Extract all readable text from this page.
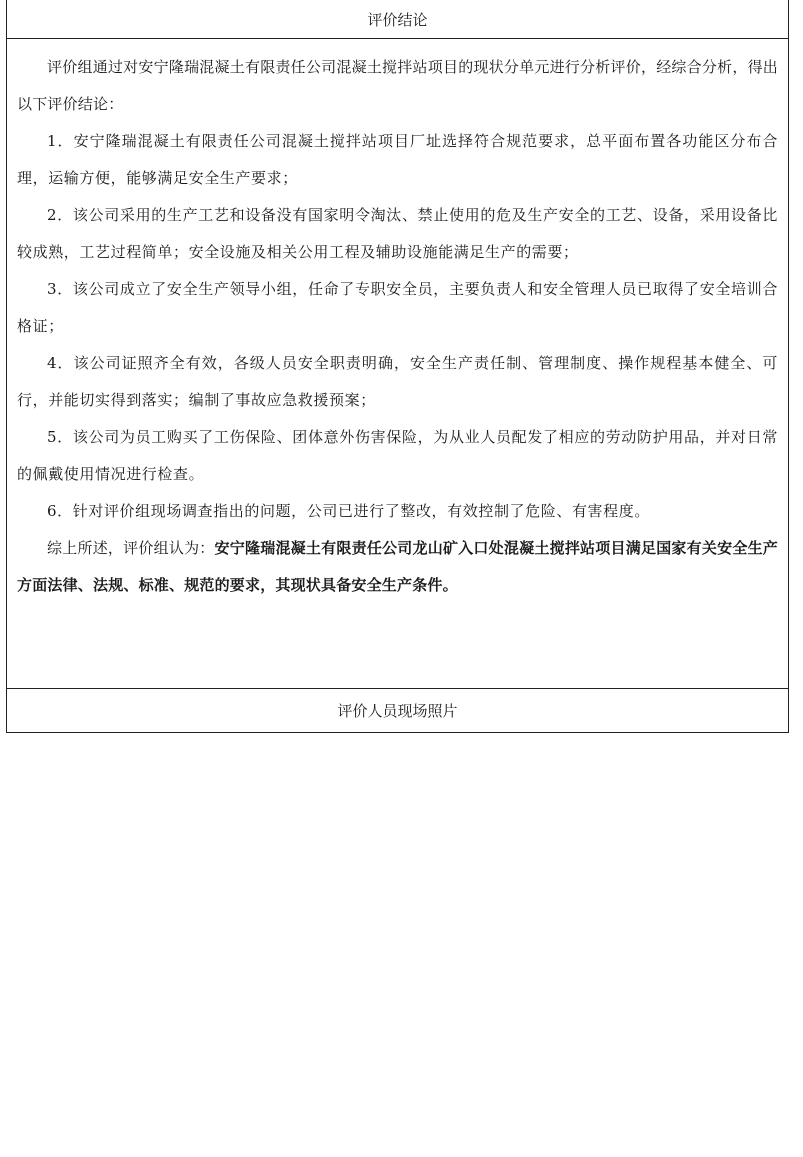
评价结论

评价组通过对安宁隆瑞混凝土有限责任公司混凝土搅拌站项目的现状分单元进行分析评价，经综合分析，得出以下评价结论：

1．安宁隆瑞混凝土有限责任公司混凝土搅拌站项目厂址选择符合规范要求，总平面布置各功能区分布合理，运输方便，能够满足安全生产要求；

2．该公司采用的生产工艺和设备没有国家明令淘汰、禁止使用的危及生产安全的工艺、设备，采用设备比较成熟，工艺过程简单；安全设施及相关公用工程及辅助设施能满足生产的需要；

3．该公司成立了安全生产领导小组，任命了专职安全员，主要负责人和安全管理人员已取得了安全培训合格证；

4．该公司证照齐全有效，各级人员安全职责明确，安全生产责任制、管理制度、操作规程基本健全、可行，并能切实得到落实；编制了事故应急救援预案；

5．该公司为员工购买了工伤保险、团体意外伤害保险，为从业人员配发了相应的劳动防护用品，并对日常的佩戴使用情况进行检查。

6．针对评价组现场调查指出的问题，公司已进行了整改，有效控制了危险、有害程度。

综上所述，评价组认为：安宁隆瑞混凝土有限责任公司龙山矿入口处混凝土搅拌站项目满足国家有关安全生产方面法律、法规、标准、规范的要求，其现状具备安全生产条件。

评价人员现场照片
